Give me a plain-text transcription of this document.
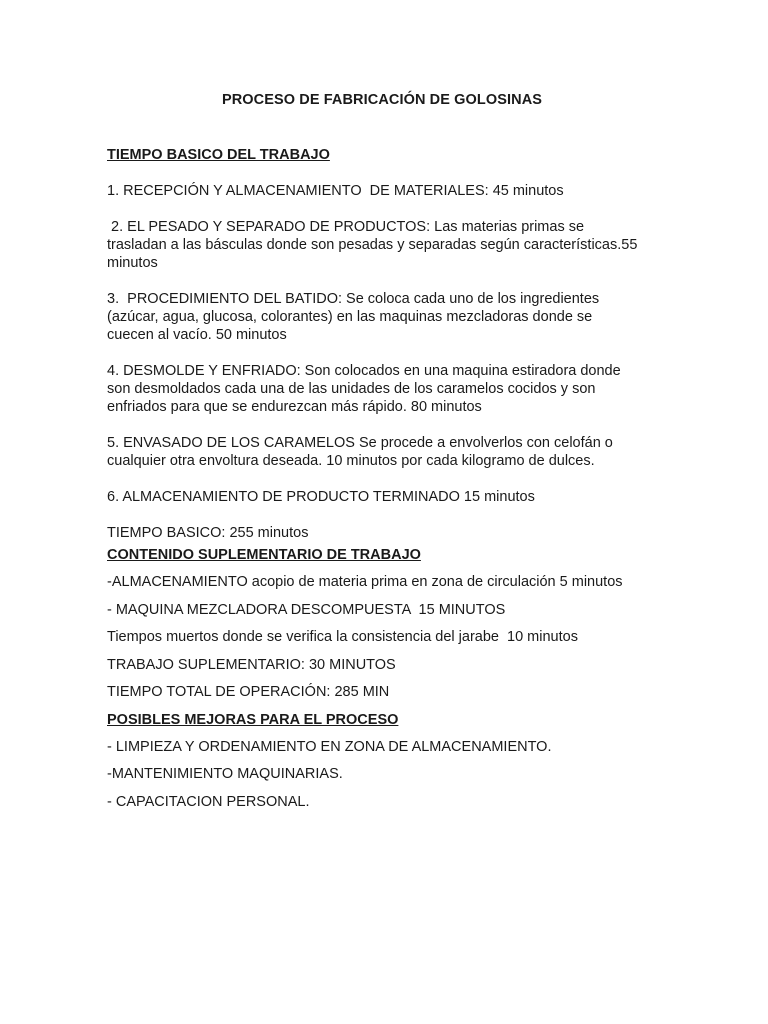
PROCESO DE FABRICACIÓN DE GOLOSINAS

TIEMPO BASICO DEL TRABAJO

1. RECEPCIÓN Y ALMACENAMIENTO  DE MATERIALES: 45 minutos

2. EL PESADO Y SEPARADO DE PRODUCTOS: Las materias primas se
trasladan a las básculas donde son pesadas y separadas según características.55
minutos

3.  PROCEDIMIENTO DEL BATIDO: Se coloca cada uno de los ingredientes
(azúcar, agua, glucosa, colorantes) en las maquinas mezcladoras donde se
cuecen al vacío. 50 minutos

4. DESMOLDE Y ENFRIADO: Son colocados en una maquina estiradora donde
son desmoldados cada una de las unidades de los caramelos cocidos y son
enfriados para que se endurezcan más rápido. 80 minutos

5. ENVASADO DE LOS CARAMELOS Se procede a envolverlos con celofán o
cualquier otra envoltura deseada. 10 minutos por cada kilogramo de dulces.

6. ALMACENAMIENTO DE PRODUCTO TERMINADO 15 minutos

TIEMPO BASICO: 255 minutos

CONTENIDO SUPLEMENTARIO DE TRABAJO

-ALMACENAMIENTO acopio de materia prima en zona de circulación 5 minutos

- MAQUINA MEZCLADORA DESCOMPUESTA  15 MINUTOS

Tiempos muertos donde se verifica la consistencia del jarabe  10 minutos

TRABAJO SUPLEMENTARIO: 30 MINUTOS

TIEMPO TOTAL DE OPERACIÓN: 285 MIN

POSIBLES MEJORAS PARA EL PROCESO

- LIMPIEZA Y ORDENAMIENTO EN ZONA DE ALMACENAMIENTO.

-MANTENIMIENTO MAQUINARIAS.

- CAPACITACION PERSONAL.
